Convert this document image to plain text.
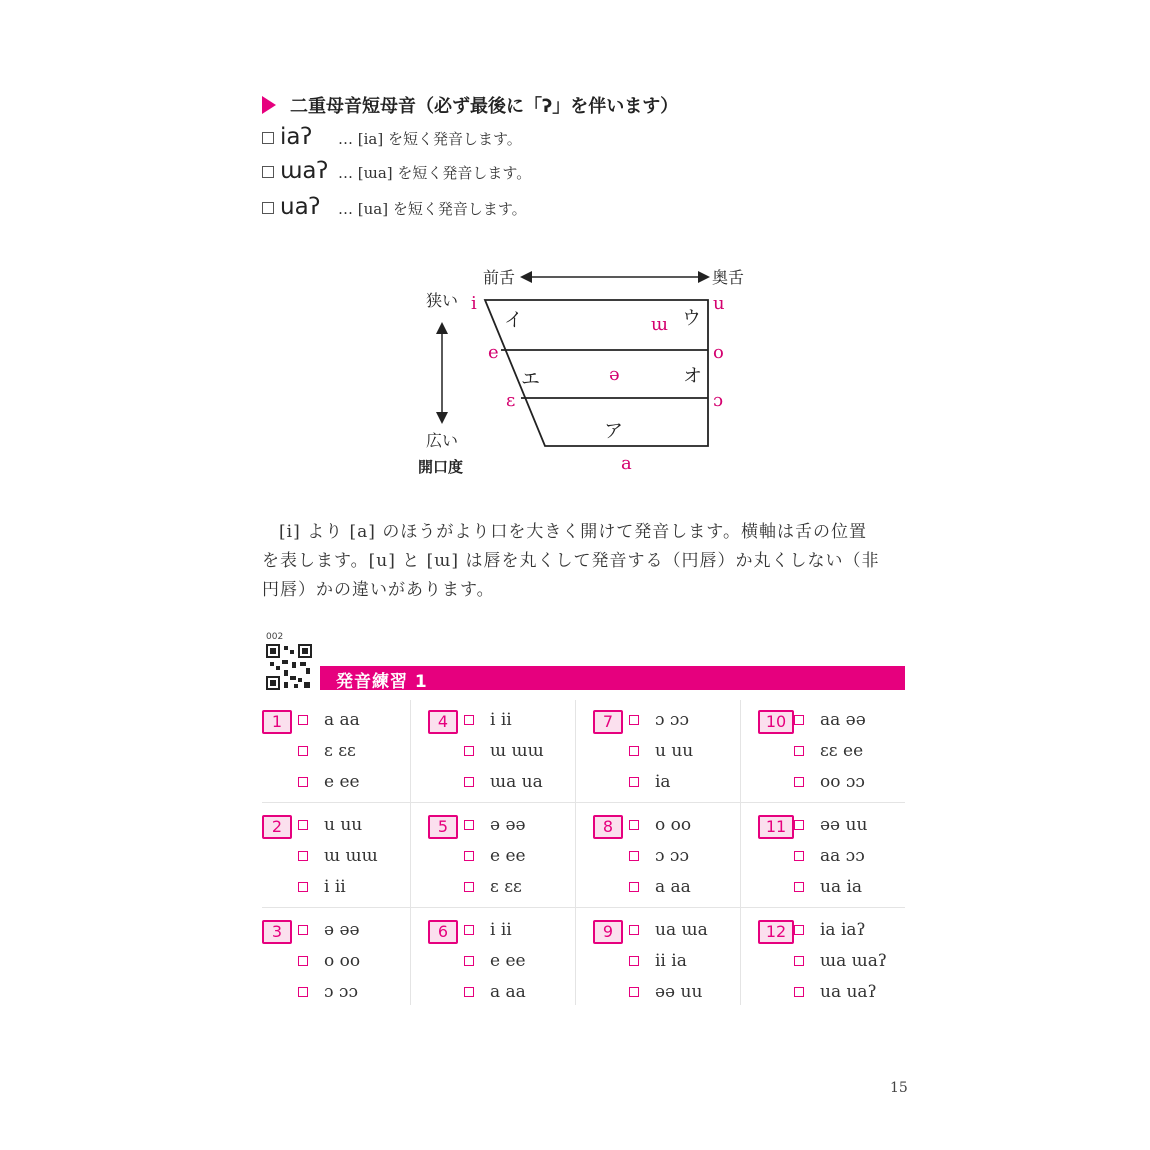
二重母音短母音（必ず最後に「ʔ」を伴います）
iaʔ	… [ia] を短く発音します。
ɯaʔ … [ɯa] を短く発音します。
uaʔ	… [ua] を短く発音します。
前舌	奥舌
狭い
広い
開口度
i	u
e	o
ɛ	ɔ
a
ɯ
ə
イ	ウ
エ	オ
ア
[i] より [a] のほうがより口を大きく開けて発音します。横軸は舌の位置
を表します。[u] と [ɯ] は唇を丸くして発音する（円唇）か丸くしない（非
円唇）かの違いがあります。
002
発音練習 1
1	a aa
ɛ ɛɛ
e ee
4	i ii
ɯ ɯɯ
ɯa ua
7	ɔ ɔɔ
u uu
ia
10	aa əə
ɛɛ ee
oo ɔɔ
2	u uu
ɯ ɯɯ
i ii
5	ə əə
e ee
ɛ ɛɛ
8	o oo
ɔ ɔɔ
a aa
11	əə uu
aa ɔɔ
ua ia
3	ə əə
o oo
ɔ ɔɔ
6	i ii
e ee
a aa
9	ua ɯa
ii ia
əə uu
12	ia iaʔ
ɯa ɯaʔ
ua uaʔ
15
